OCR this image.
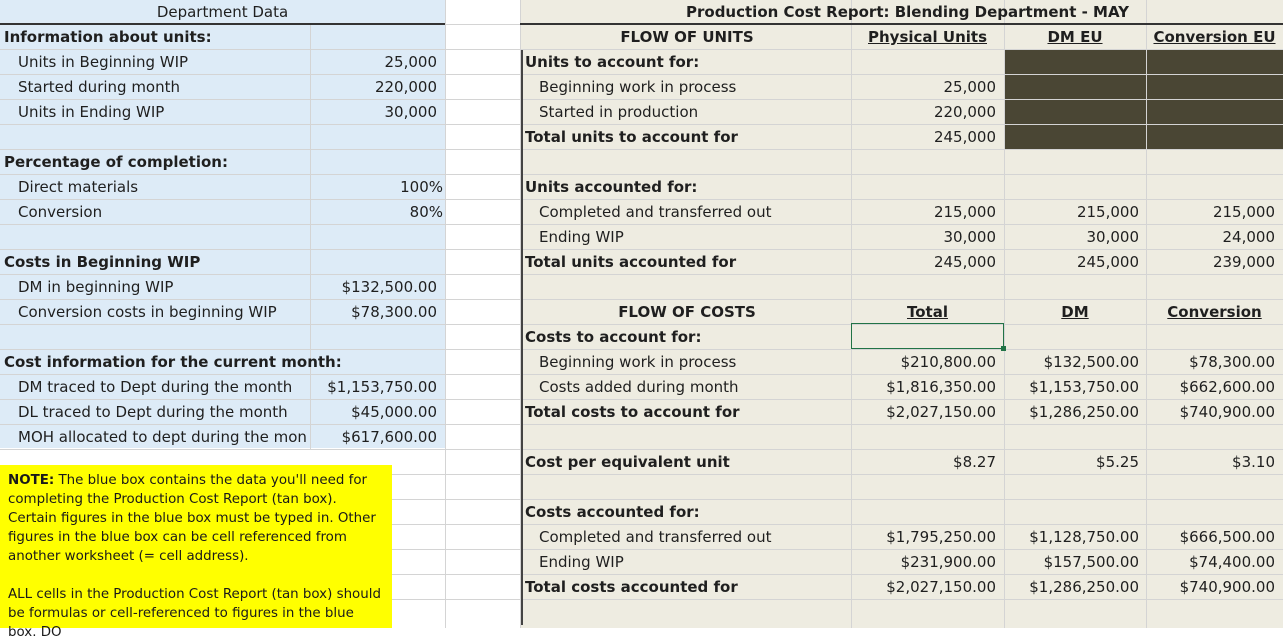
Department Data
Information about units:
Units in Beginning WIP	25,000
Started during month	220,000
Units in Ending WIP	30,000
Percentage of completion:
Direct materials	100%
Conversion	80%
Costs in Beginning WIP
DM in beginning WIP	$132,500.00
Conversion costs in beginning WIP	$78,300.00
Cost information for the current month:
DM traced to Dept during the month	$1,153,750.00
DL traced to Dept during the month	$45,000.00
MOH allocated to dept during the mon	$617,600.00
NOTE: The blue box contains the data you'll need for completing the Production Cost Report (tan box). Certain figures in the blue box must be typed in. Other figures in the blue box can be cell referenced from another worksheet (= cell address).
ALL cells in the Production Cost Report (tan box) should be formulas or cell-referenced to figures in the blue box. DO
Production Cost Report: Blending Department - MAY
FLOW OF UNITS	Physical Units	DM EU	Conversion EU
Units to account for:
Beginning work in process	25,000
Started in production	220,000
Total units to account for	245,000
Units accounted for:
Completed and transferred out	215,000	215,000	215,000
Ending WIP	30,000	30,000	24,000
Total units accounted for	245,000	245,000	239,000
FLOW OF COSTS	Total	DM	Conversion
Costs to account for:
Beginning work in process	$210,800.00	$132,500.00	$78,300.00
Costs added during month	$1,816,350.00	$1,153,750.00	$662,600.00
Total costs to account for	$2,027,150.00	$1,286,250.00	$740,900.00
Cost per equivalent unit	$8.27	$5.25	$3.10
Costs accounted for:
Completed and transferred out	$1,795,250.00	$1,128,750.00	$666,500.00
Ending WIP	$231,900.00	$157,500.00	$74,400.00
Total costs accounted for	$2,027,150.00	$1,286,250.00	$740,900.00
